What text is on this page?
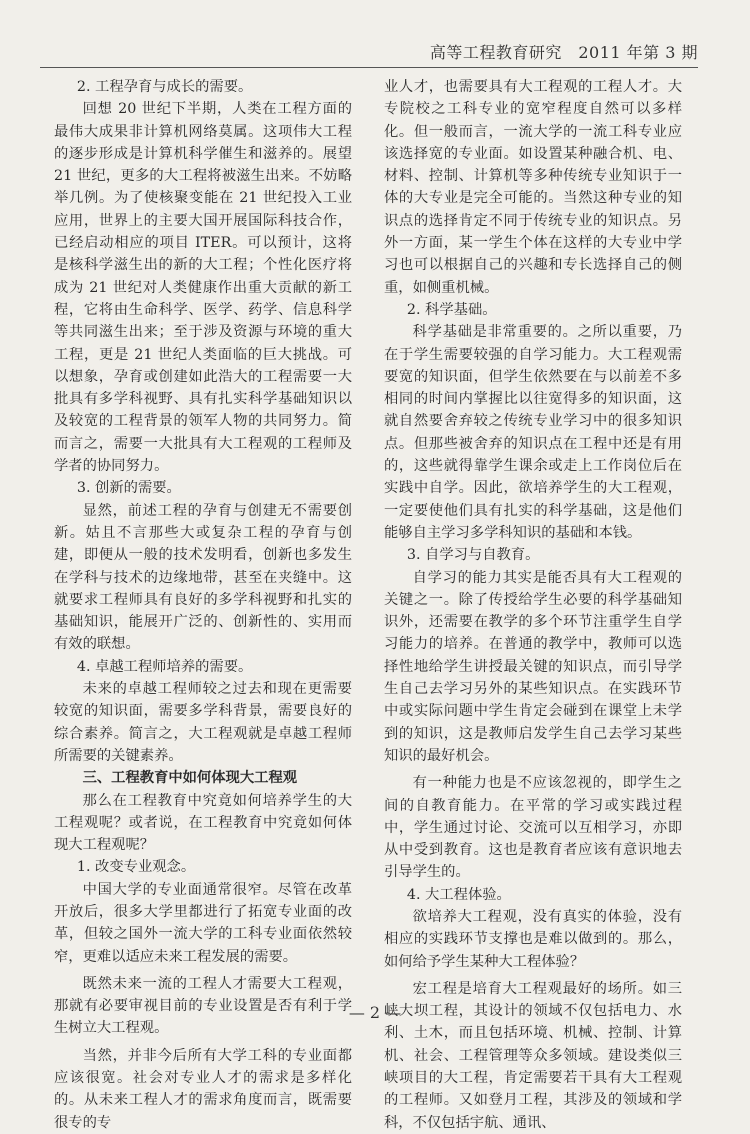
高等工程教育研究　2011 年第 3 期

2. 工程孕育与成长的需要。

回想 20 世纪下半期，人类在工程方面的最伟大成果非计算机网络莫属。这项伟大工程的逐步形成是计算机科学催生和滋养的。展望 21 世纪，更多的大工程将被滋生出来。不妨略举几例。为了使核聚变能在 21 世纪投入工业应用，世界上的主要大国开展国际科技合作，已经启动相应的项目 ITER。可以预计，这将是核科学滋生出的新的大工程；个性化医疗将成为 21 世纪对人类健康作出重大贡献的新工程，它将由生命科学、医学、药学、信息科学等共同滋生出来；至于涉及资源与环境的重大工程，更是 21 世纪人类面临的巨大挑战。可以想象，孕育或创建如此浩大的工程需要一大批具有多学科视野、具有扎实科学基础知识以及较宽的工程背景的领军人物的共同努力。简而言之，需要一大批具有大工程观的工程师及学者的协同努力。

3. 创新的需要。

显然，前述工程的孕育与创建无不需要创新。姑且不言那些大或复杂工程的孕育与创建，即便从一般的技术发明看，创新也多发生在学科与技术的边缘地带，甚至在夹缝中。这就要求工程师具有良好的多学科视野和扎实的基础知识，能展开广泛的、创新性的、实用而有效的联想。

4. 卓越工程师培养的需要。

未来的卓越工程师较之过去和现在更需要较宽的知识面，需要多学科背景，需要良好的综合素养。简言之，大工程观就是卓越工程师所需要的关键素养。

三、工程教育中如何体现大工程观

那么在工程教育中究竟如何培养学生的大工程观呢？或者说，在工程教育中究竟如何体现大工程观呢？

1. 改变专业观念。

中国大学的专业面通常很窄。尽管在改革开放后，很多大学里都进行了拓宽专业面的改革，但较之国外一流大学的工科专业面依然较窄，更难以适应未来工程发展的需要。

既然未来一流的工程人才需要大工程观，那就有必要审视目前的专业设置是否有利于学生树立大工程观。

当然，并非今后所有大学工科的专业面都应该很宽。社会对专业人才的需求是多样化的。从未来工程人才的需求角度而言，既需要很专的专

业人才，也需要具有大工程观的工程人才。大专院校之工科专业的宽窄程度自然可以多样化。但一般而言，一流大学的一流工科专业应该选择宽的专业面。如设置某种融合机、电、材料、控制、计算机等多种传统专业知识于一体的大专业是完全可能的。当然这种专业的知识点的选择肯定不同于传统专业的知识点。另外一方面，某一学生个体在这样的大专业中学习也可以根据自己的兴趣和专长选择自己的侧重，如侧重机械。

2. 科学基础。

科学基础是非常重要的。之所以重要，乃在于学生需要较强的自学习能力。大工程观需要宽的知识面，但学生依然要在与以前差不多相同的时间内掌握比以往宽得多的知识面，这就自然要舍弃较之传统专业学习中的很多知识点。但那些被舍弃的知识点在工程中还是有用的，这些就得靠学生课余或走上工作岗位后在实践中自学。因此，欲培养学生的大工程观，一定要使他们具有扎实的科学基础，这是他们能够自主学习多学科知识的基础和本钱。

3. 自学习与自教育。

自学习的能力其实是能否具有大工程观的关键之一。除了传授给学生必要的科学基础知识外，还需要在教学的多个环节注重学生自学习能力的培养。在普通的教学中，教师可以选择性地给学生讲授最关键的知识点，而引导学生自己去学习另外的某些知识点。在实践环节中或实际问题中学生肯定会碰到在课堂上未学到的知识，这是教师启发学生自己去学习某些知识的最好机会。

有一种能力也是不应该忽视的，即学生之间的自教育能力。在平常的学习或实践过程中，学生通过讨论、交流可以互相学习，亦即从中受到教育。这也是教育者应该有意识地去引导学生的。

4. 大工程体验。

欲培养大工程观，没有真实的体验，没有相应的实践环节支撑也是难以做到的。那么，如何给予学生某种大工程体验？

宏工程是培育大工程观最好的场所。如三峡大坝工程，其设计的领域不仅包括电力、水利、土木，而且包括环境、机械、控制、计算机、社会、工程管理等众多领域。建设类似三峡项目的大工程，肯定需要若干具有大工程观的工程师。又如登月工程，其涉及的领域和学科，不仅包括宇航、通讯、

— 2 —
